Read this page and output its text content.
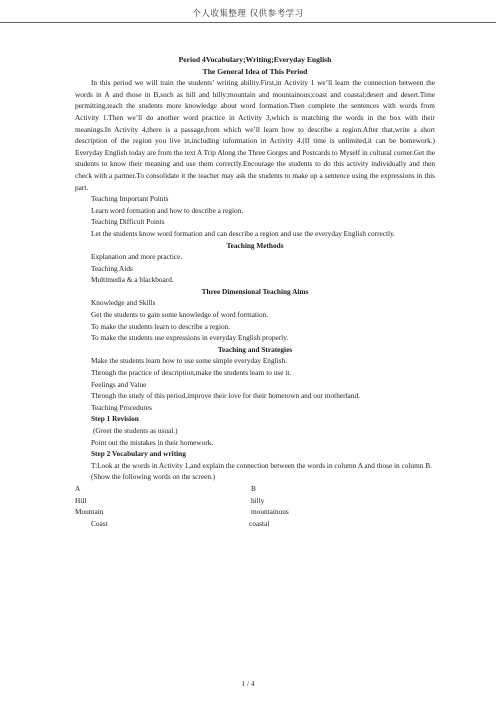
个人收集整理 仅供参考学习

Period 4Vocabulary;Writing;Everyday English

The General Idea of This Period

In this period we will train the students’ writing ability.First,in Activity 1 we’ll learn the connection between the words in A and those in B,such as hill and hilly;mountain and mountainous;coast and coastal;desert and desert.Time permitting,teach the students more knowledge about word formation.Then complete the sentences with words from Activity 1.Then we’ll do another word practice in Activity 3,which is matching the words in the box with their meanings.In Activity 4,there is a passage,from which we’ll learn how to describe a region.After that,write a short description of the region you live in,including information in Activity 4.(If time is unlimited,it can be homework.) Everyday English today are from the text A Trip Along the Three Gorges and Postcards to Myself in cultural corner.Get the students to know their meaning and use them correctly.Encourage the students to do this activity individually and then check with a partner.To consolidate it the teacher may ask the students to make up a sentence using the expressions in this part.

Teaching Important Points

Learn word formation and how to describe a region.

Teaching Difficult Points

Let the students know word formation and can describe a region and use the everyday English correctly.

Teaching Methods

Explanation and more practice.

Teaching Aids

Multimedia & a blackboard.

Three Dimensional Teaching Aims

Knowledge and Skills

Get the students to gain some knowledge of word formation.

To make the students learn to describe a region.

To make the students use expressions in everyday English properly.

Teaching and Strategies

Make the students learn how to use some simple everyday English.

Through the practice of description,make the students learn to use it.

Feelings and Value

Through the study of this period,improve their love for their hometown and our motherland.

Teaching Procedures

Step 1 Revision

(Greet the students as usual.)

Point out the mistakes in their homework.

Step 2 Vocabulary and writing

T:Look at the words in Activity 1,and explain the connection between the words in column A and those in column B.

(Show the following words on the screen.)

A	B

Hill	hilly

Mountain	mountainous

Coast	coastal

1 / 4
